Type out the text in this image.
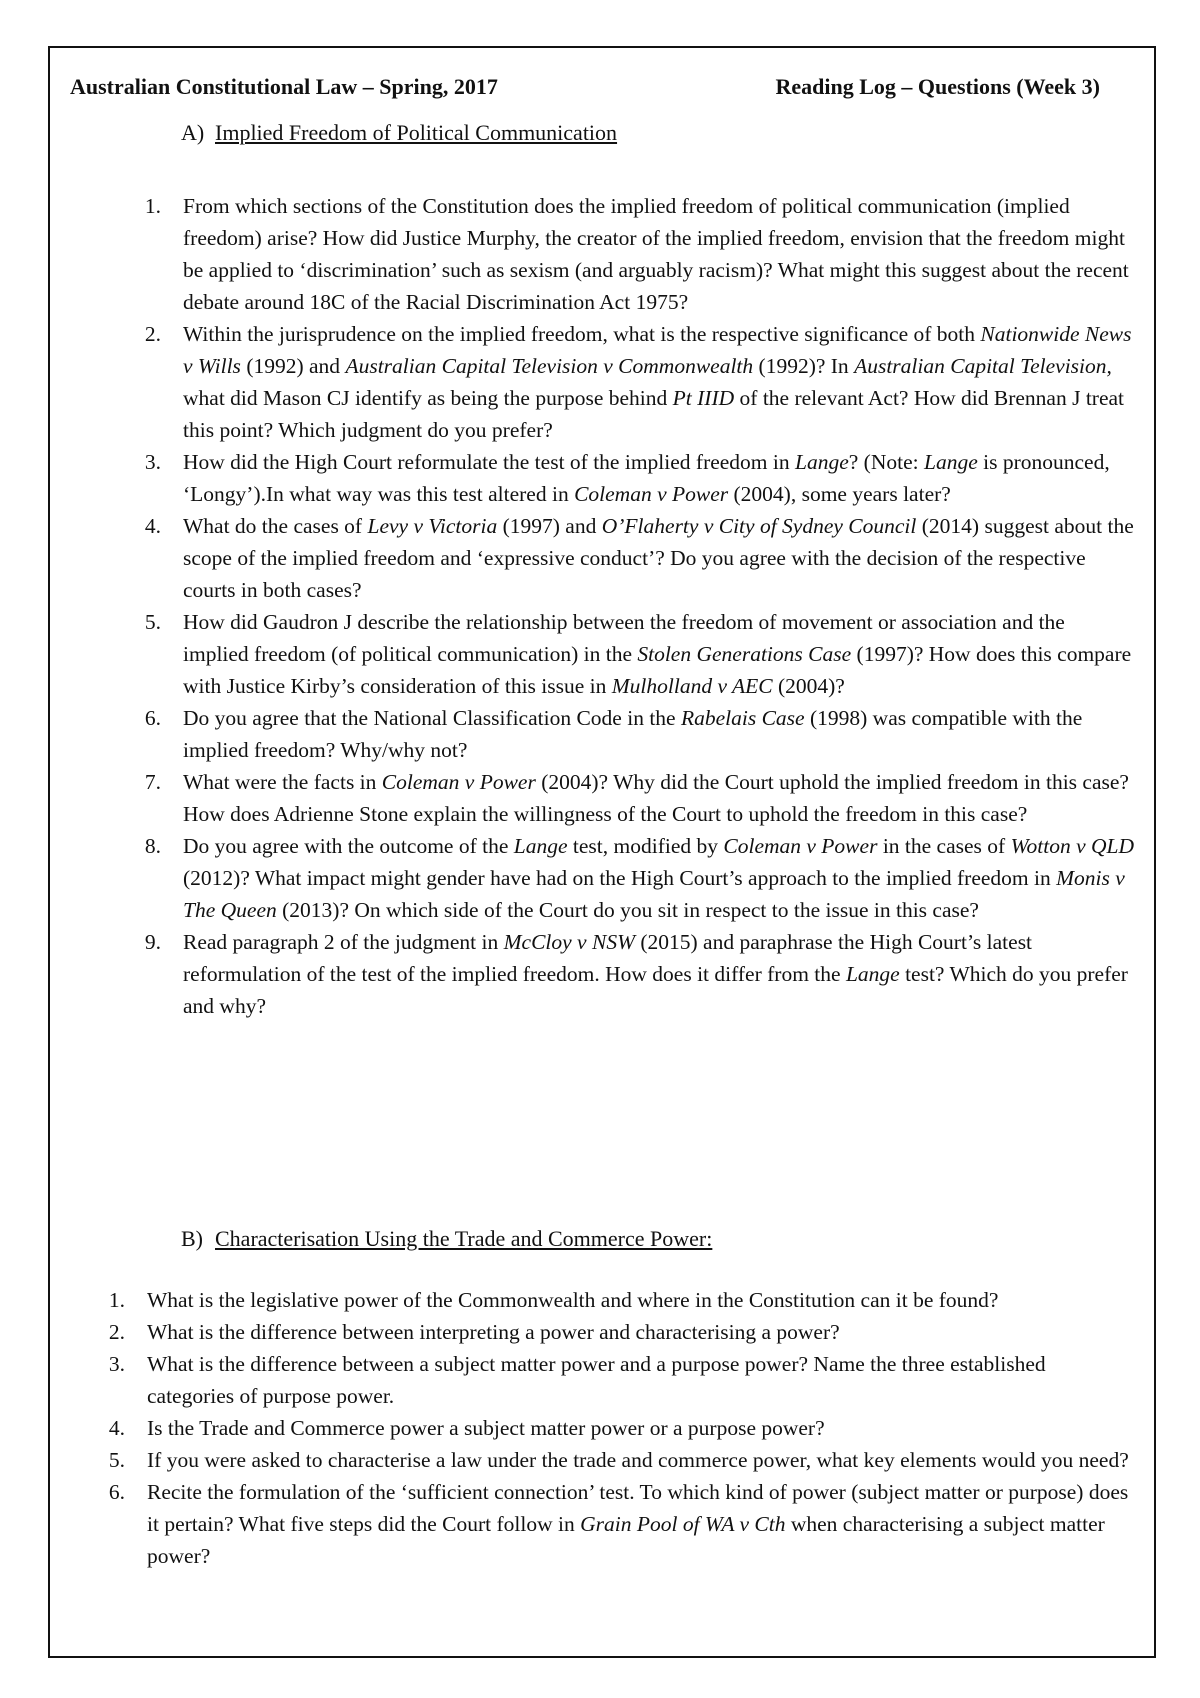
Australian Constitutional Law – Spring, 2017	Reading Log – Questions (Week 3)
A) Implied Freedom of Political Communication
1. From which sections of the Constitution does the implied freedom of political communication (implied freedom) arise? How did Justice Murphy, the creator of the implied freedom, envision that the freedom might be applied to ‘discrimination’ such as sexism (and arguably racism)? What might this suggest about the recent debate around 18C of the Racial Discrimination Act 1975?
2. Within the jurisprudence on the implied freedom, what is the respective significance of both Nationwide News v Wills (1992) and Australian Capital Television v Commonwealth (1992)? In Australian Capital Television, what did Mason CJ identify as being the purpose behind Pt IIID of the relevant Act? How did Brennan J treat this point? Which judgment do you prefer?
3. How did the High Court reformulate the test of the implied freedom in Lange? (Note: Lange is pronounced, ‘Longy’).In what way was this test altered in Coleman v Power (2004), some years later?
4. What do the cases of Levy v Victoria (1997) and O’Flaherty v City of Sydney Council (2014) suggest about the scope of the implied freedom and ‘expressive conduct’? Do you agree with the decision of the respective courts in both cases?
5. How did Gaudron J describe the relationship between the freedom of movement or association and the implied freedom (of political communication) in the Stolen Generations Case (1997)? How does this compare with Justice Kirby’s consideration of this issue in Mulholland v AEC (2004)?
6. Do you agree that the National Classification Code in the Rabelais Case (1998) was compatible with the implied freedom? Why/why not?
7. What were the facts in Coleman v Power (2004)? Why did the Court uphold the implied freedom in this case? How does Adrienne Stone explain the willingness of the Court to uphold the freedom in this case?
8. Do you agree with the outcome of the Lange test, modified by Coleman v Power in the cases of Wotton v QLD (2012)? What impact might gender have had on the High Court’s approach to the implied freedom in Monis v The Queen (2013)? On which side of the Court do you sit in respect to the issue in this case?
9. Read paragraph 2 of the judgment in McCloy v NSW (2015) and paraphrase the High Court’s latest reformulation of the test of the implied freedom. How does it differ from the Lange test? Which do you prefer and why?
B) Characterisation Using the Trade and Commerce Power:
1. What is the legislative power of the Commonwealth and where in the Constitution can it be found?
2. What is the difference between interpreting a power and characterising a power?
3. What is the difference between a subject matter power and a purpose power? Name the three established categories of purpose power.
4. Is the Trade and Commerce power a subject matter power or a purpose power?
5. If you were asked to characterise a law under the trade and commerce power, what key elements would you need?
6. Recite the formulation of the ‘sufficient connection’ test. To which kind of power (subject matter or purpose) does it pertain? What five steps did the Court follow in Grain Pool of WA v Cth when characterising a subject matter power?
